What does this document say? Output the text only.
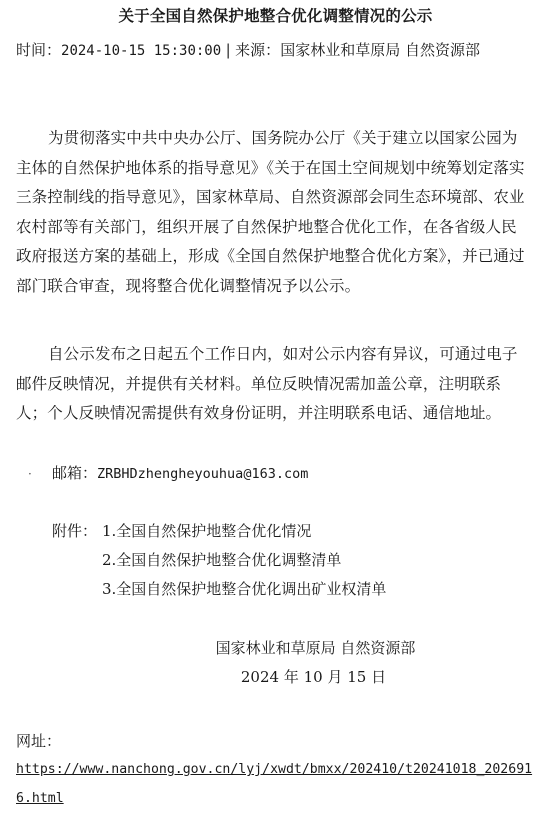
关于全国自然保护地整合优化调整情况的公示
时间：2024-10-15 15:30:00 | 来源：国家林业和草原局 自然资源部

为贯彻落实中共中央办公厅、国务院办公厅《关于建立以国家公园为主体的自然保护地体系的指导意见》《关于在国土空间规划中统筹划定落实三条控制线的指导意见》，国家林草局、自然资源部会同生态环境部、农业农村部等有关部门，组织开展了自然保护地整合优化工作，在各省级人民政府报送方案的基础上，形成《全国自然保护地整合优化方案》，并已通过部门联合审查，现将整合优化调整情况予以公示。

自公示发布之日起五个工作日内，如对公示内容有异议，可通过电子邮件反映情况，并提供有关材料。单位反映情况需加盖公章，注明联系人；个人反映情况需提供有效身份证明，并注明联系电话、通信地址。

· 邮箱：ZRBHDzhengheyouhua@163.com
附件： 1.全国自然保护地整合优化情况
2.全国自然保护地整合优化调整清单
3.全国自然保护地整合优化调出矿业权清单
国家林业和草原局 自然资源部
2024 年 10 月 15 日
网址：
https://www.nanchong.gov.cn/lyj/xwdt/bmxx/202410/t20241018_2026916.html
